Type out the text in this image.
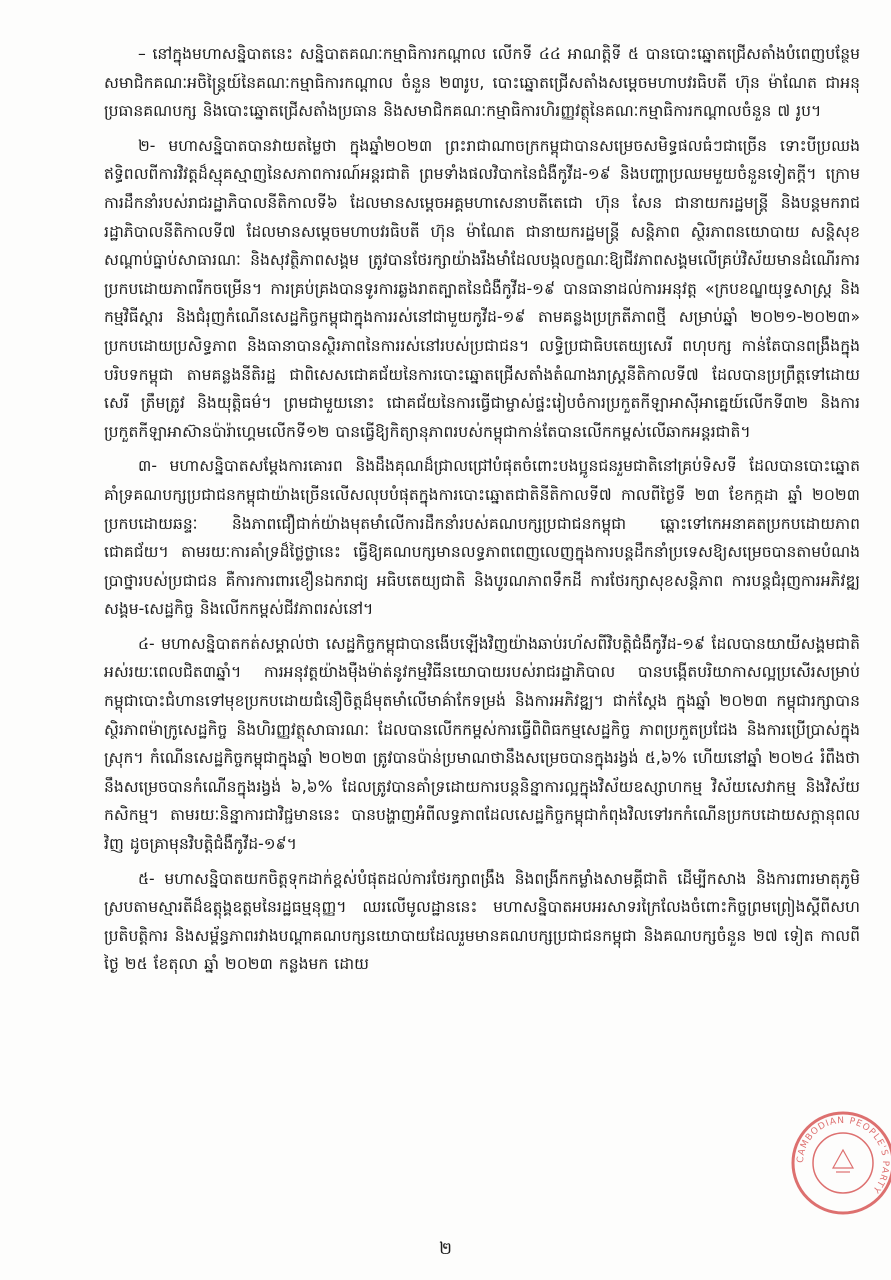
– នៅក្នុងមហាសន្និបាតនេះ សន្និបាតគណៈកម្មាធិការកណ្ដាល លើកទី ៤៤ អាណត្តិទី ៥ បានបោះឆ្នោតជ្រើសតាំងបំពេញបន្ថែមសមាជិកគណៈអចិន្ត្រៃយ៍នៃគណៈកម្មាធិការកណ្ដាល ចំនួន ២៣រូប, បោះឆ្នោតជ្រើសតាំងសម្ដេចមហាបវរធិបតី ហ៊ុន ម៉ាណែត ជាអនុប្រធានគណបក្ស និងបោះឆ្នោតជ្រើសតាំងប្រធាន និងសមាជិកគណៈកម្មាធិការហិរញ្ញវត្ថុនៃគណៈកម្មាធិការកណ្ដាលចំនួន ៧ រូប។

២- មហាសន្និបាតបានវាយតម្លៃថា ក្នុងឆ្នាំ២០២៣ ព្រះរាជាណាចក្រកម្ពុជាបានសម្រេចសមិទ្ធផលធំៗជាច្រើន ទោះបីប្រឈងឥទ្ធិពលពីការវិវត្តដ៏ស្មុគស្មាញនៃសភាពការណ៍អន្តរជាតិ ព្រមទាំងផលវិបាកនៃជំងឺកូវីដ-១៩ និងបញ្ហាប្រឈមមួយចំនួនទៀតក្ដី។ ក្រោមការដឹកនាំរបស់រាជរដ្ឋាភិបាលនីតិកាលទី៦ ដែលមានសម្ដេចអគ្គមហាសេនាបតីតេជោ ហ៊ុន សែន ជានាយករដ្ឋមន្ត្រី និងបន្តមករាជរដ្ឋាភិបាលនីតិកាលទី៧ ដែលមានសម្ដេចមហាបវរធិបតី ហ៊ុន ម៉ាណែត ជានាយករដ្ឋមន្ត្រី សន្តិភាព ស្ថិរភាពនយោបាយ សន្តិសុខ សណ្ដាប់ធ្នាប់សាធារណៈ និងសុវត្ថិភាពសង្គម ត្រូវបានថែរក្សាយ៉ាងរឹងមាំដែលបង្កលក្ខណៈឱ្យជីវភាពសង្គមលើគ្រប់វិស័យមានដំណើរការប្រកបដោយភាពរីកចម្រើន។ ការគ្រប់គ្រងបានទូរការឆ្លងរាតត្បាតនៃជំងឺកូវីដ-១៩ បានធានាដល់ការអនុវត្ត «ក្របខណ្ឌយុទ្ធសាស្ត្រ និងកម្មវិធីស្ដារ និងជំរុញកំណើនសេដ្ឋកិច្ចកម្ពុជាក្នុងការរស់នៅជាមួយកូវីដ-១៩ តាមគន្លងប្រក្រតីភាពថ្មី សម្រាប់ឆ្នាំ ២០២១-២០២៣» ប្រកបដោយប្រសិទ្ធភាព និងធានាបានស្ថិរភាពនៃការរស់នៅរបស់ប្រជាជន។ លទ្ធិប្រជាធិបតេយ្យសេរី ពហុបក្ស កាន់តែបានពង្រឹងក្នុងបរិបទកម្ពុជា តាមគន្លងនីតិរដ្ឋ ជាពិសេសជោគជ័យនៃការបោះឆ្នោតជ្រើសតាំងតំណាងរាស្ត្រនីតិកាលទី៧ ដែលបានប្រព្រឹត្តទៅដោយសេរី ត្រឹមត្រូវ និងយុត្តិធម៌។ ព្រមជាមួយនោះ ជោគជ័យនៃការធ្វើជាម្ចាស់ផ្ទះរៀបចំការប្រកួតកីឡាអាស៊ីអាគ្នេយ៍លើកទី៣២ និងការប្រកួតកីឡាអាស៊ានប៉ារ៉ាហ្គេមលើកទី១២ បានធ្វើឱ្យកិត្យានុភាពរបស់កម្ពុជាកាន់តែបានលើកកម្ពស់លើឆាកអន្តរជាតិ។

៣- មហាសន្និបាតសម្ដែងការគោរព និងដឹងគុណដ៏ជ្រាលជ្រៅបំផុតចំពោះបងប្អូនជនរួមជាតិនៅគ្រប់ទិសទី ដែលបានបោះឆ្នោតគាំទ្រគណបក្សប្រជាជនកម្ពុជាយ៉ាងច្រើនលើសលុបបំផុតក្នុងការបោះឆ្នោតជាតិនីតិកាលទី៧ កាលពីថ្ងៃទី ២៣ ខែកក្កដា ឆ្នាំ ២០២៣ ប្រកបដោយឆន្ទៈ និងភាពជឿជាក់យ៉ាងមុតមាំលើការដឹកនាំរបស់គណបក្សប្រជាជនកម្ពុជា ឆ្ពោះទៅកេអនាគតប្រកបដោយភាពជោគជ័យ។ តាមរយៈការគាំទ្រដ៏ថ្លៃថ្លានេះ ធ្វើឱ្យគណបក្សមានលទ្ធភាពពេញលេញក្នុងការបន្តដឹកនាំប្រទេសឱ្យសម្រេចបានតាមបំណងប្រាថ្នារបស់ប្រជាជន គឺការការពារខឿនឯករាជ្យ អធិបតេយ្យជាតិ និងបូរណភាពទឹកដី ការថែរក្សាសុខសន្តិភាព ការបន្តជំរុញការអភិវឌ្ឍសង្គម-សេដ្ឋកិច្ច និងលើកកម្ពស់ជីវភាពរស់នៅ។

៤- មហាសន្និបាតកត់សម្គាល់ថា សេដ្ឋកិច្ចកម្ពុជាបានងើបឡើងវិញយ៉ាងឆាប់រហ័សពីវិបត្តិជំងឺកូវីដ-១៩ ដែលបានយាយីសង្គមជាតិអស់រយៈពេលជិត៣ឆ្នាំ។ ការអនុវត្តយ៉ាងម៉ឺងម៉ាត់នូវកម្មវិធីនយោបាយរបស់រាជរដ្ឋាភិបាល បានបង្កើតបរិយាកាសល្អប្រសើរសម្រាប់កម្ពុជាបោះជំហានទៅមុខប្រកបដោយជំនឿចិត្តដ៏មុតមាំលើមាគ៌ាកែទម្រង់ និងការអភិវឌ្ឍ។ ជាក់ស្ដែង ក្នុងឆ្នាំ ២០២៣ កម្ពុជារក្សាបានស្ថិរភាពម៉ាក្រូសេដ្ឋកិច្ច និងហិរញ្ញវត្ថុសាធារណៈ ដែលបានលើកកម្ពស់ការធ្វើពិពិធកម្មសេដ្ឋកិច្ច ភាពប្រកួតប្រជែង និងការប្រើប្រាស់ក្នុងស្រុក។ កំណើនសេដ្ឋកិច្ចកម្ពុជាក្នុងឆ្នាំ ២០២៣ ត្រូវបានប៉ាន់ប្រមាណថានឹងសម្រេចបានក្នុងរង្វង់ ៥,៦% ហើយនៅឆ្នាំ ២០២៤ រំពឹងថានឹងសម្រេចបានកំណើនក្នុងរង្វង់ ៦,៦% ដែលត្រូវបានគាំទ្រដោយការបន្តនិន្នាការល្អក្នុងវិស័យឧស្សាហកម្ម វិស័យសេវាកម្ម និងវិស័យកសិកម្ម។ តាមរយៈនិន្នាការជាវិជ្ជមាននេះ បានបង្ហាញអំពីលទ្ធភាពដែលសេដ្ឋកិច្ចកម្ពុជាកំពុងវិលទៅរកកំណើនប្រកបដោយសក្ដានុពលវិញ ដូចគ្រាមុនវិបត្តិជំងឺកូវីដ-១៩។

៥- មហាសន្និបាតយកចិត្តទុកដាក់ខ្ពស់បំផុតដល់ការថែរក្សាពង្រឹង និងពង្រីកកម្លាំងសាមគ្គីជាតិ ដើម្បីកសាង និងការពារមាតុភូមិស្របតាមស្មារតីដ៏ឧត្ដុង្គឧត្ដមនៃរដ្ឋធម្មនុញ្ញ។ ឈរលើមូលដ្ឋាននេះ មហាសន្និបាតអបអរសាទរក្រៃលែងចំពោះកិច្ចព្រមព្រៀងស្ដីពីសហប្រតិបត្តិការ និងសម្ព័ន្ធភាពរវាងបណ្ដាគណបក្សនយោបាយដែលរួមមានគណបក្សប្រជាជនកម្ពុជា និងគណបក្សចំនួន ២៧ ទៀត កាលពីថ្ងៃ ២៥ ខែតុលា ឆ្នាំ ២០២៣ កន្លងមក ដោយ

CAMBODIAN PEOPLE'S PARTY
២
